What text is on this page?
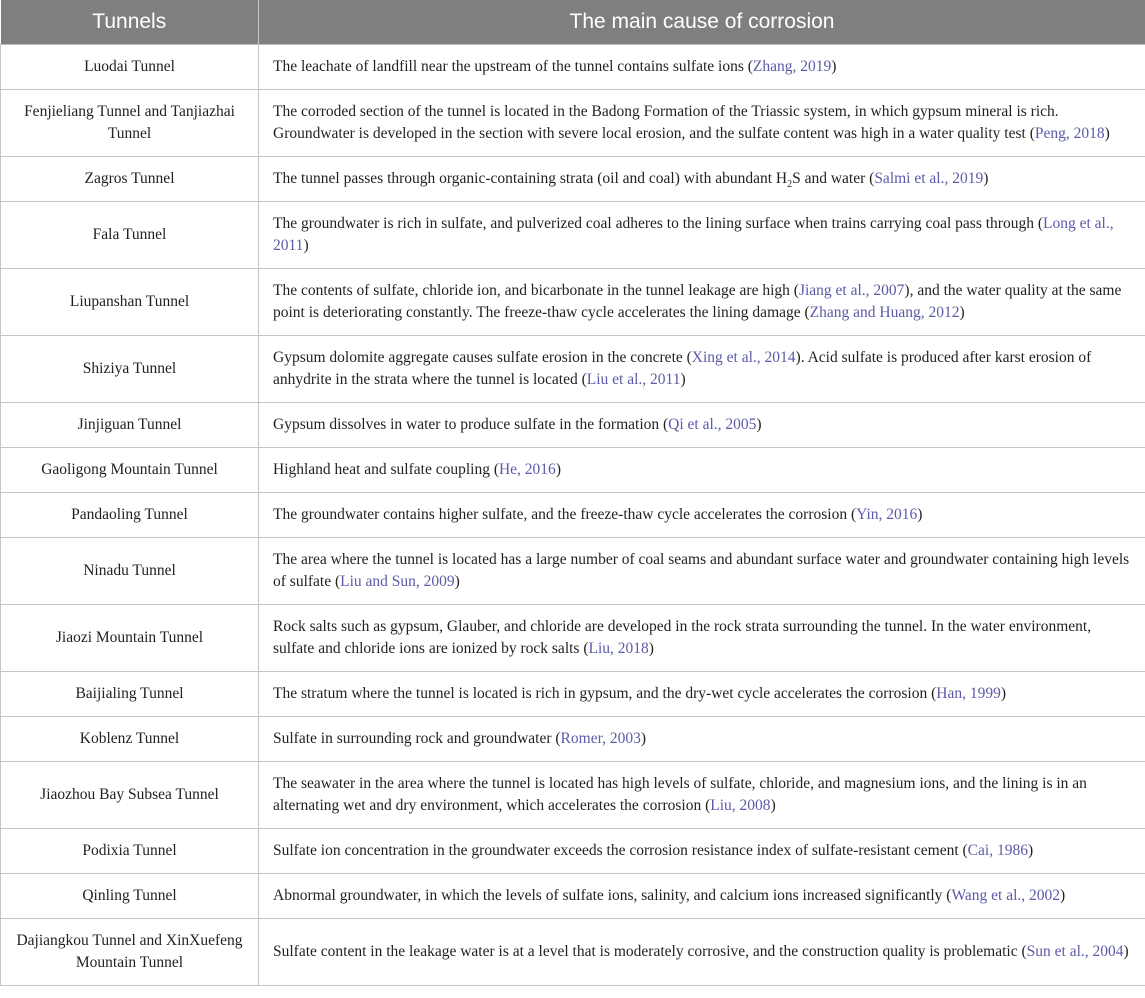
Tunnels	The main cause of corrosion
Luodai Tunnel	The leachate of landfill near the upstream of the tunnel contains sulfate ions (Zhang, 2019)
Fenjieliang Tunnel and Tanjiazhai Tunnel	The corroded section of the tunnel is located in the Badong Formation of the Triassic system, in which gypsum mineral is rich. Groundwater is developed in the section with severe local erosion, and the sulfate content was high in a water quality test (Peng, 2018)
Zagros Tunnel	The tunnel passes through organic-containing strata (oil and coal) with abundant $H_2S$ and water (Salmi et al., 2019)
Fala Tunnel	The groundwater is rich in sulfate, and pulverized coal adheres to the lining surface when trains carrying coal pass through (Long et al., 2011)
Liupanshan Tunnel	The contents of sulfate, chloride ion, and bicarbonate in the tunnel leakage are high (Jiang et al., 2007), and the water quality at the same point is deteriorating constantly. The freeze-thaw cycle accelerates the lining damage (Zhang and Huang, 2012)
Shiziya Tunnel	Gypsum dolomite aggregate causes sulfate erosion in the concrete (Xing et al., 2014). Acid sulfate is produced after karst erosion of anhydrite in the strata where the tunnel is located (Liu et al., 2011)
Jinjiguan Tunnel	Gypsum dissolves in water to produce sulfate in the formation (Qi et al., 2005)
Gaoligong Mountain Tunnel	Highland heat and sulfate coupling (He, 2016)
Pandaoling Tunnel	The groundwater contains higher sulfate, and the freeze-thaw cycle accelerates the corrosion (Yin, 2016)
Ninadu Tunnel	The area where the tunnel is located has a large number of coal seams and abundant surface water and groundwater containing high levels of sulfate (Liu and Sun, 2009)
Jiaozi Mountain Tunnel	Rock salts such as gypsum, Glauber, and chloride are developed in the rock strata surrounding the tunnel. In the water environment, sulfate and chloride ions are ionized by rock salts (Liu, 2018)
Baijialing Tunnel	The stratum where the tunnel is located is rich in gypsum, and the dry-wet cycle accelerates the corrosion (Han, 1999)
Koblenz Tunnel	Sulfate in surrounding rock and groundwater (Romer, 2003)
Jiaozhou Bay Subsea Tunnel	The seawater in the area where the tunnel is located has high levels of sulfate, chloride, and magnesium ions, and the lining is in an alternating wet and dry environment, which accelerates the corrosion (Liu, 2008)
Podixia Tunnel	Sulfate ion concentration in the groundwater exceeds the corrosion resistance index of sulfate-resistant cement (Cai, 1986)
Qinling Tunnel	Abnormal groundwater, in which the levels of sulfate ions, salinity, and calcium ions increased significantly (Wang et al., 2002)
Dajiangkou Tunnel and XinXuefeng Mountain Tunnel	Sulfate content in the leakage water is at a level that is moderately corrosive, and the construction quality is problematic (Sun et al., 2004)
